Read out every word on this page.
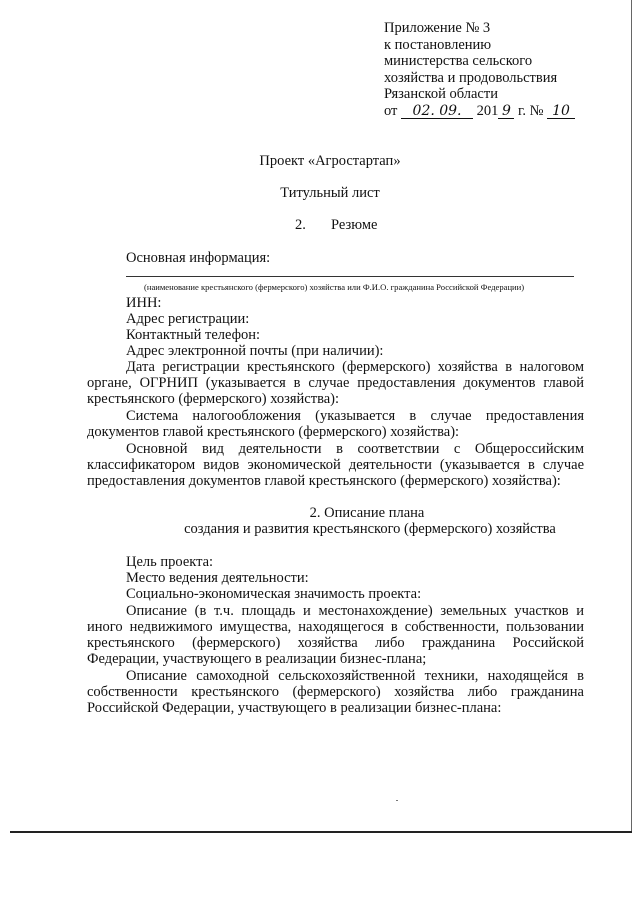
Приложение № 3
к постановлению
министерства сельского
хозяйства и продовольствия
Рязанской области
от 02. 09. 201 9 г. № 10
Проект «Агростартап»
Титульный лист
2. Резюме
Основная информация:
(наименование крестьянского (фермерского) хозяйства или Ф.И.О. гражданина Российской Федерации)
ИНН:
Адрес регистрации:
Контактный телефон:
Адрес электронной почты (при наличии):
Дата регистрации крестьянского (фермерского) хозяйства в налоговом
органе, ОГРНИП (указывается в случае предоставления документов главой
крестьянского (фермерского) хозяйства):
Система налогообложения (указывается в случае предоставления
документов главой крестьянского (фермерского) хозяйства):
Основной вид деятельности в соответствии с Общероссийским
классификатором видов экономической деятельности (указывается в случае
предоставления документов главой крестьянского (фермерского) хозяйства):
2. Описание плана
создания и развития крестьянского (фермерского) хозяйства
Цель проекта:
Место ведения деятельности:
Социально-экономическая значимость проекта:
Описание (в т.ч. площадь и местонахождение) земельных участков и
иного недвижимого имущества, находящегося в собственности, пользовании
крестьянского (фермерского) хозяйства либо гражданина Российской
Федерации, участвующего в реализации бизнес-плана;
Описание самоходной сельскохозяйственной техники, находящейся в
собственности крестьянского (фермерского) хозяйства либо гражданина
Российской Федерации, участвующего в реализации бизнес-плана:
